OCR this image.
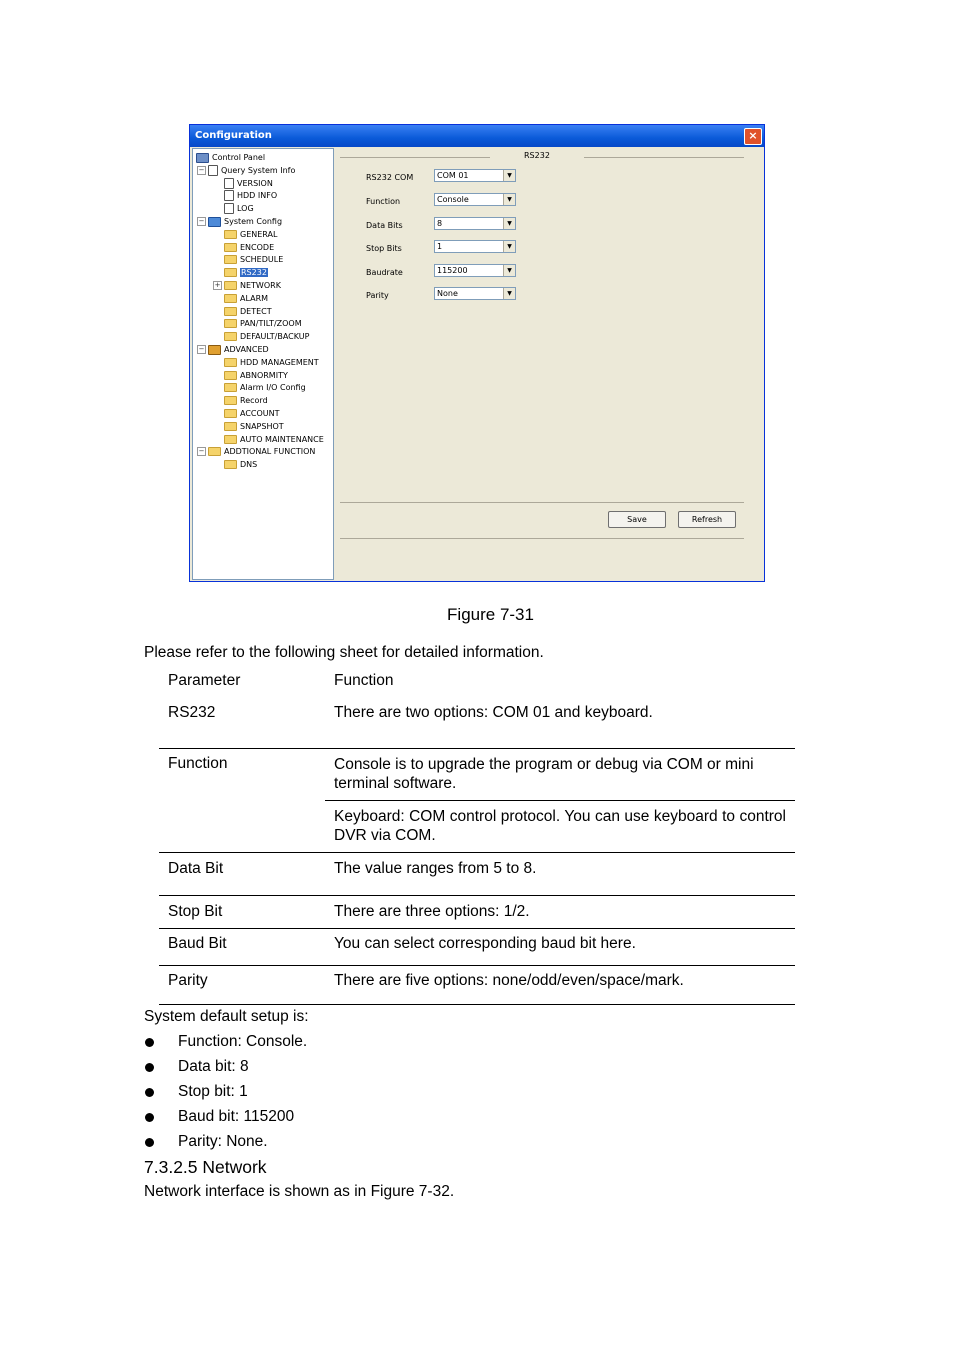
Configuration	×
Control Panel
− Query System Info
VERSION
HDD INFO
LOG
− System Config
GENERAL
ENCODE
SCHEDULE
RS232
+ NETWORK
ALARM
DETECT
PAN/TILT/ZOOM
DEFAULT/BACKUP
− ADVANCED
HDD MANAGEMENT
ABNORMITY
Alarm I/O Config
Record
ACCOUNT
SNAPSHOT
AUTO MAINTENANCE
− ADDTIONAL FUNCTION
DNS
RS232
RS232 COM	COM 01	▼
Function	Console	▼
Data Bits	8	▼
Stop Bits	1	▼
Baudrate	115200	▼
Parity	None	▼
Save	Refresh
Figure 7-31
Please refer to the following sheet for detailed information.
Parameter	Function
RS232	There are two options: COM 01 and keyboard.
Function	Console is to upgrade the program or debug via COM or mini terminal software.
Keyboard: COM control protocol. You can use keyboard to control DVR via COM.
Data Bit	The value ranges from 5 to 8.
Stop Bit	There are three options: 1/2.
Baud Bit	You can select corresponding baud bit here.
Parity	There are five options: none/odd/even/space/mark.
System default setup is:
Function: Console.
Data bit: 8
Stop bit: 1
Baud bit: 115200
Parity: None.
7.3.2.5 Network
Network interface is shown as in Figure 7-32.
